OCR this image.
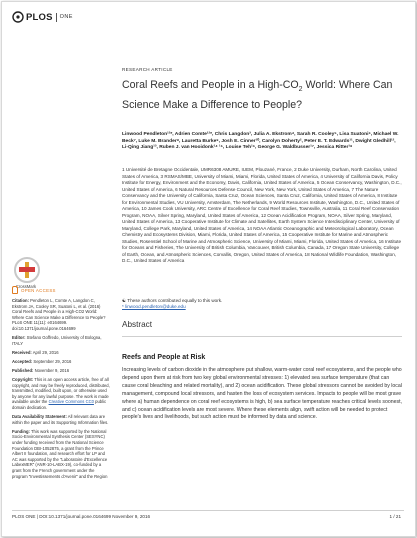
PLOS ONE
RESEARCH ARTICLE
Coral Reefs and People in a High-$CO_2$ World: Where Can Science Make a Difference to People?
Linwood Pendleton¹²*, Adrien Comte¹²*, Chris Langdon³, Julia A. Ekstrom⁴, Sarah R. Cooley⁵, Lisa Suatoni⁶, Michael W. Beck⁷, Luke M. Brander⁸, Lauretta Burke⁹, Josh E. Cinner¹⁰, Carolyn Doherty², Peter E. T. Edwards¹¹, Dwight Gledhill¹², Li-Qing Jiang¹³, Ruben J. van Hooidonk¹⁴ ¹⁵, Louise Teh¹⁶, George G. Waldbusser¹⁷, Jessica Ritter¹⁸
1 Université de Bretagne Occidentale, UMR6308 AMURE, IUEM, Plouzané, France, 2 Duke University, Durham, North Carolina, United States of America, 3 RSMAS/MBE, University of Miami, Miami, Florida, United States of America, 4 University of California Davis, Policy Institute for Energy, Environment and the Economy, Davis, California, United States of America, 5 Ocean Conservancy, Washington, D.C., United States of America, 6 Natural Resources Defense Council, New York, New York, United States of America, 7 The Nature Conservancy and the University of California, Santa Cruz, Ocean Sciences, Santa Cruz, California, United States of America, 8 Institute for Environmental Studies, VU University, Amsterdam, The Netherlands, 9 World Resources Institute, Washington, D.C., United States of America, 10 James Cook University, ARC Centre of Excellence for Coral Reef Studies, Townsville, Australia, 11 Coral Reef Conservation Program, NOAA, Silver Spring, Maryland, United States of America, 12 Ocean Acidification Program, NOAA, Silver Spring, Maryland, United States of America, 13 Cooperative Institute for Climate and Satellites, Earth System Science Interdisciplinary Center, University of Maryland, College Park, Maryland, United States of America, 14 NOAA Atlantic Oceanographic and Meteorological Laboratory, Ocean Chemistry and Ecosystems Division, Miami, Florida, United States of America, 15 Cooperative Institute for Marine and Atmospheric Studies, Rosenstiel School of Marine and Atmospheric Science, University of Miami, Miami, Florida, United States of America, 16 Institute for Oceans and Fisheries, The University of British Columbia, Vancouver, British Columbia, Canada, 17 Oregon State University, College of Earth, Ocean, and Atmospheric Sciences, Corvallis, Oregon, United States of America, 18 National Wildlife Foundation, Washington, D.C., United States of America
☯ These authors contributed equally to this work.
* linwood.pendleton@duke.edu
Abstract
Reefs and People at Risk
Increasing levels of carbon dioxide in the atmosphere put shallow, warm-water coral reef ecosystems, and the people who depend upon them at risk from two key global environmental stresses: 1) elevated sea surface temperature (that can cause coral bleaching and related mortality), and 2) ocean acidification. These global stressors cannot be avoided by local management, compound local stressors, and hasten the loss of ecosystem services. Impacts to people will be most grave where a) human dependence on coral reef ecosystems is high, b) sea surface temperature reaches critical levels soonest, and c) ocean acidification levels are most severe. Where these elements align, swift action will be needed to protect people's lives and livelihoods, but such action must be informed by data and science.
CrossMark
OPEN ACCESS

Citation: Pendleton L, Comte A, Langdon C, Ekstrom JA, Cooley SR, Suatoni L, et al. (2016) Coral Reefs and People in a High-CO2 World: Where Can Science Make a Difference to People? PLoS ONE 11(11): e0164699. doi:10.1371/journal.pone.0164699

Editor: Stefano Goffredo, University of Bologna, ITALY

Received: April 29, 2016

Accepted: September 29, 2016

Published: November 9, 2016

Copyright: This is an open access article, free of all copyright, and may be freely reproduced, distributed, transmitted, modified, built upon, or otherwise used by anyone for any lawful purpose. The work is made available under the Creative Commons CC0 public domain dedication.

Data Availability Statement: All relevant data are within the paper and its Supporting Information files.

Funding: This work was supported by the National Socio-Environmental Synthesis Center (SESYNC) under funding received from the National Science Foundation DBI-1052875, a grant from the Prince Albert II foundation, and research effort for LP and AC was supported by the "Laboratoire d'Excellence LabexMER" (ANR-10-LABX-19), co-funded by a grant from the French government under the program "Investissements d'Avenir" and the Region

PLOS ONE | DOI:10.1371/journal.pone.0164699 November 9, 2016	1 / 21
